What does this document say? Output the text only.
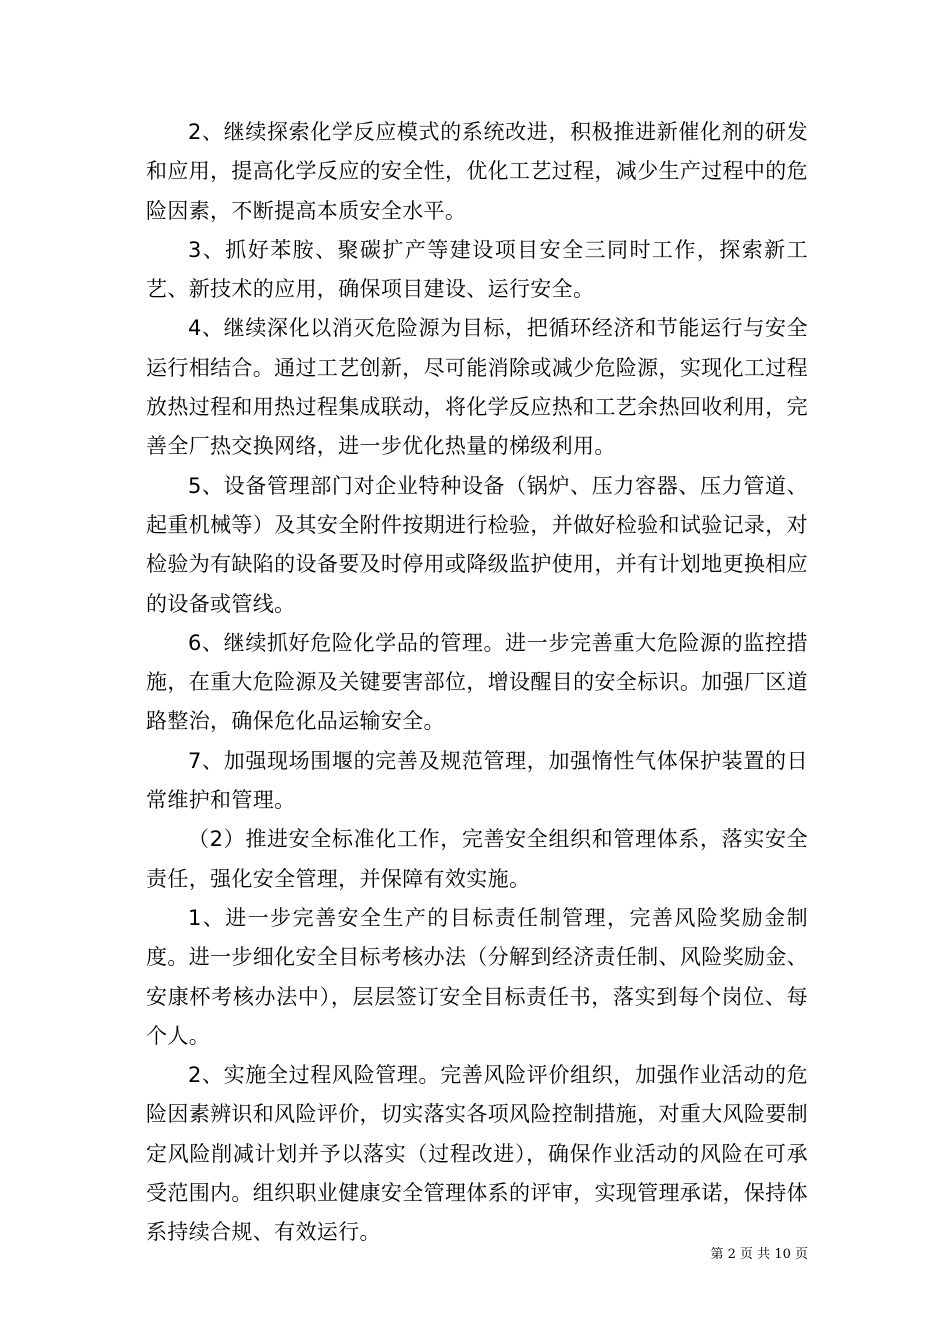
2、继续探索化学反应模式的系统改进，积极推进新催化剂的研发和应用，提高化学反应的安全性，优化工艺过程，减少生产过程中的危险因素，不断提高本质安全水平。

3、抓好苯胺、聚碳扩产等建设项目安全三同时工作，探索新工艺、新技术的应用，确保项目建设、运行安全。

4、继续深化以消灭危险源为目标，把循环经济和节能运行与安全运行相结合。通过工艺创新，尽可能消除或减少危险源，实现化工过程放热过程和用热过程集成联动，将化学反应热和工艺余热回收利用，完善全厂热交换网络，进一步优化热量的梯级利用。

5、设备管理部门对企业特种设备（锅炉、压力容器、压力管道、起重机械等）及其安全附件按期进行检验，并做好检验和试验记录，对检验为有缺陷的设备要及时停用或降级监护使用，并有计划地更换相应的设备或管线。

6、继续抓好危险化学品的管理。进一步完善重大危险源的监控措施，在重大危险源及关键要害部位，增设醒目的安全标识。加强厂区道路整治，确保危化品运输安全。

7、加强现场围堰的完善及规范管理，加强惰性气体保护装置的日常维护和管理。

（2）推进安全标准化工作，完善安全组织和管理体系，落实安全责任，强化安全管理，并保障有效实施。

1、进一步完善安全生产的目标责任制管理，完善风险奖励金制度。进一步细化安全目标考核办法（分解到经济责任制、风险奖励金、安康杯考核办法中），层层签订安全目标责任书，落实到每个岗位、每个人。

2、实施全过程风险管理。完善风险评价组织，加强作业活动的危险因素辨识和风险评价，切实落实各项风险控制措施，对重大风险要制定风险削减计划并予以落实（过程改进），确保作业活动的风险在可承受范围内。组织职业健康安全管理体系的评审，实现管理承诺，保持体系持续合规、有效运行。

第 2 页 共 10 页
